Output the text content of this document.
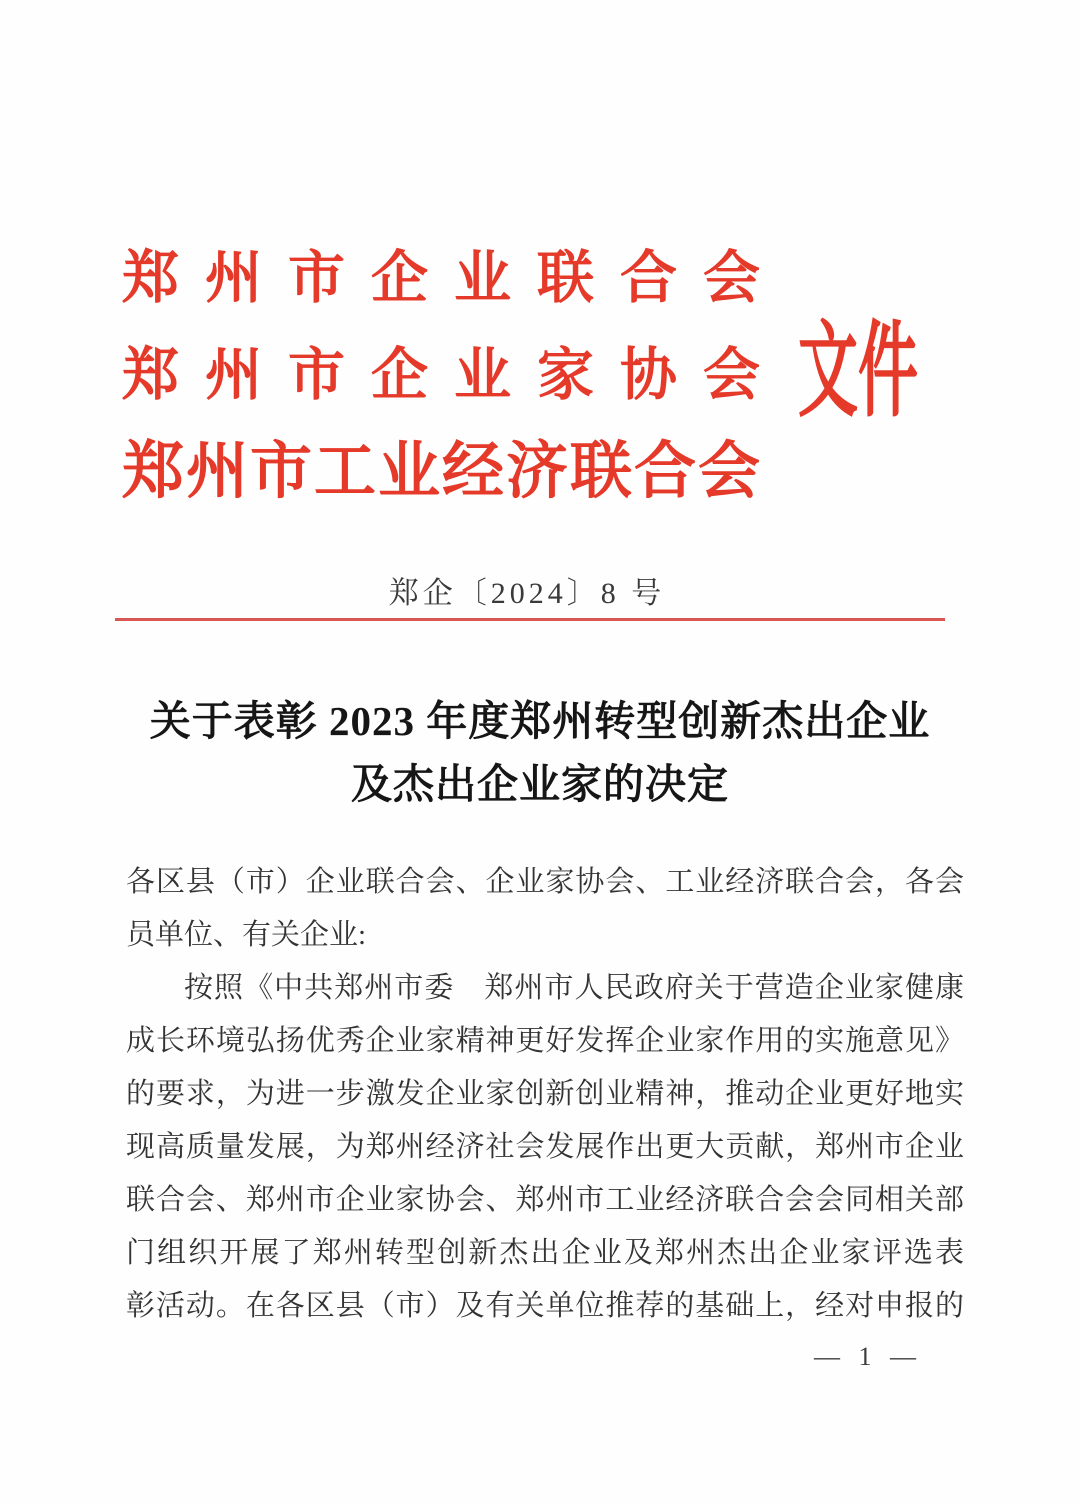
郑州市企业联合会
郑州市企业家协会
郑州市工业经济联合会
文件
郑企〔2024〕8 号
关于表彰 2023 年度郑州转型创新杰出企业
及杰出企业家的决定
各区县（市）企业联合会、企业家协会、工业经济联合会，各会
员单位、有关企业:
按照《中共郑州市委　郑州市人民政府关于营造企业家健康
成长环境弘扬优秀企业家精神更好发挥企业家作用的实施意见》
的要求，为进一步激发企业家创新创业精神，推动企业更好地实
现高质量发展，为郑州经济社会发展作出更大贡献，郑州市企业
联合会、郑州市企业家协会、郑州市工业经济联合会会同相关部
门组织开展了郑州转型创新杰出企业及郑州杰出企业家评选表
彰活动。在各区县（市）及有关单位推荐的基础上，经对申报的
— 1 —
